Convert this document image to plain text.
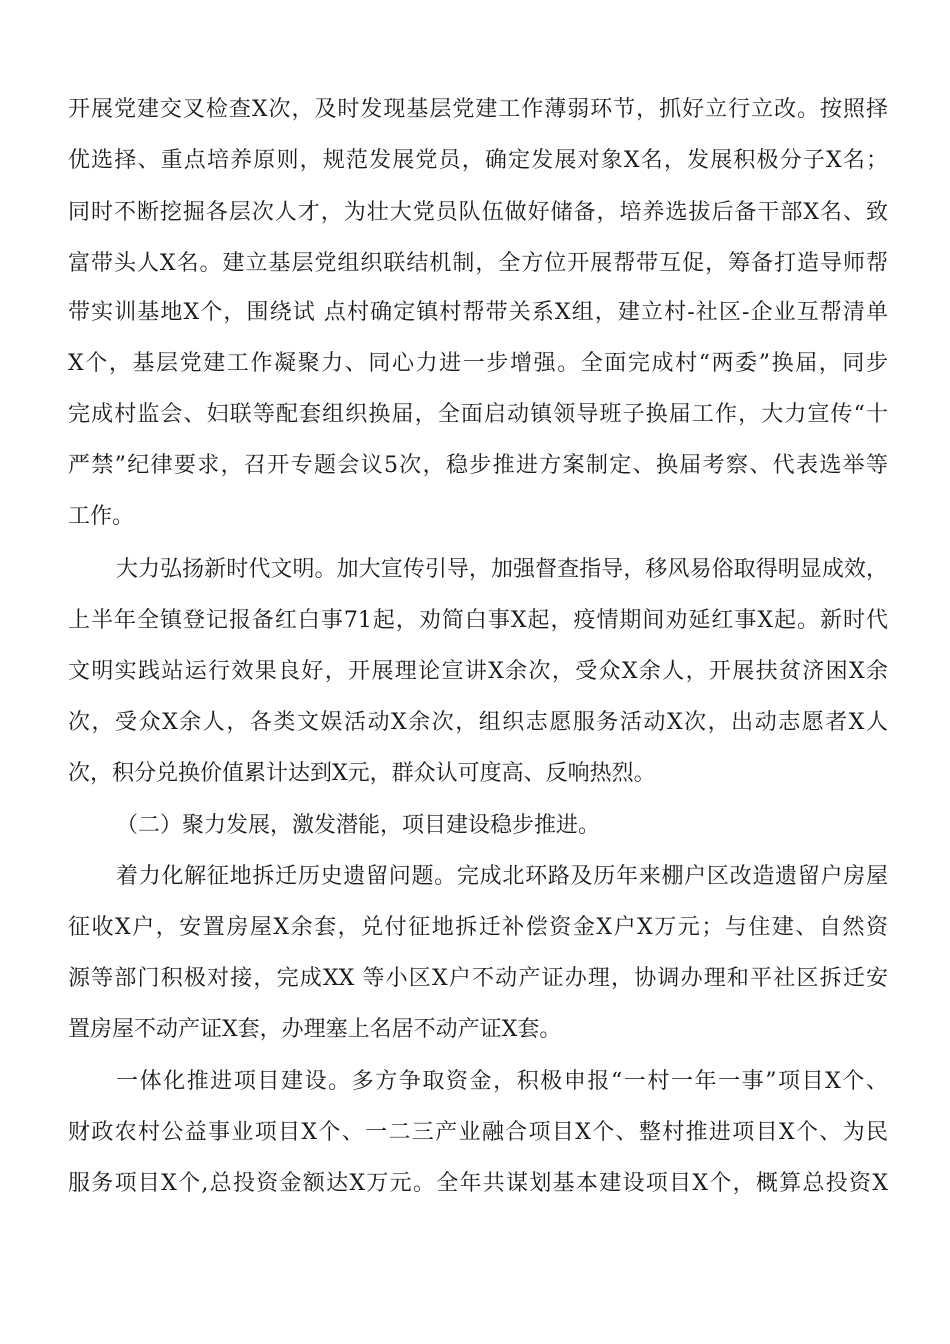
开展党建交叉检查X次，及时发现基层党建工作薄弱环节，抓好立行立改。按照择
优选择、重点培养原则，规范发展党员，确定发展对象X名，发展积极分子X名；
同时不断挖掘各层次人才，为壮大党员队伍做好储备，培养选拔后备干部X名、致
富带头人X名。建立基层党组织联结机制，全方位开展帮带互促，筹备打造导师帮
带实训基地X个，围绕试 点村确定镇村帮带关系X组，建立村-社区-企业互帮清单
X个，基层党建工作凝聚力、同心力进一步增强。全面完成村“两委”换届，同步
完成村监会、妇联等配套组织换届，全面启动镇领导班子换届工作，大力宣传“十
严禁”纪律要求，召开专题会议5次，稳步推进方案制定、换届考察、代表选举等
工作。
大力弘扬新时代文明。加大宣传引导，加强督查指导，移风易俗取得明显成效，
上半年全镇登记报备红白事71起，劝简白事X起，疫情期间劝延红事X起。新时代
文明实践站运行效果良好，开展理论宣讲X余次，受众X余人，开展扶贫济困X余
次，受众X余人，各类文娱活动X余次，组织志愿服务活动X次，出动志愿者X人
次，积分兑换价值累计达到X元，群众认可度高、反响热烈。
（二）聚力发展，激发潜能，项目建设稳步推进。
着力化解征地拆迁历史遗留问题。完成北环路及历年来棚户区改造遗留户房屋
征收X户，安置房屋X余套，兑付征地拆迁补偿资金X户X万元；与住建、自然资
源等部门积极对接，完成XX 等小区X户不动产证办理，协调办理和平社区拆迁安
置房屋不动产证X套，办理塞上名居不动产证X套。
一体化推进项目建设。多方争取资金，积极申报“一村一年一事”项目X个、
财政农村公益事业项目X个、一二三产业融合项目X个、整村推进项目X个、为民
服务项目X个,总投资金额达X万元。全年共谋划基本建设项目X个，概算总投资X
